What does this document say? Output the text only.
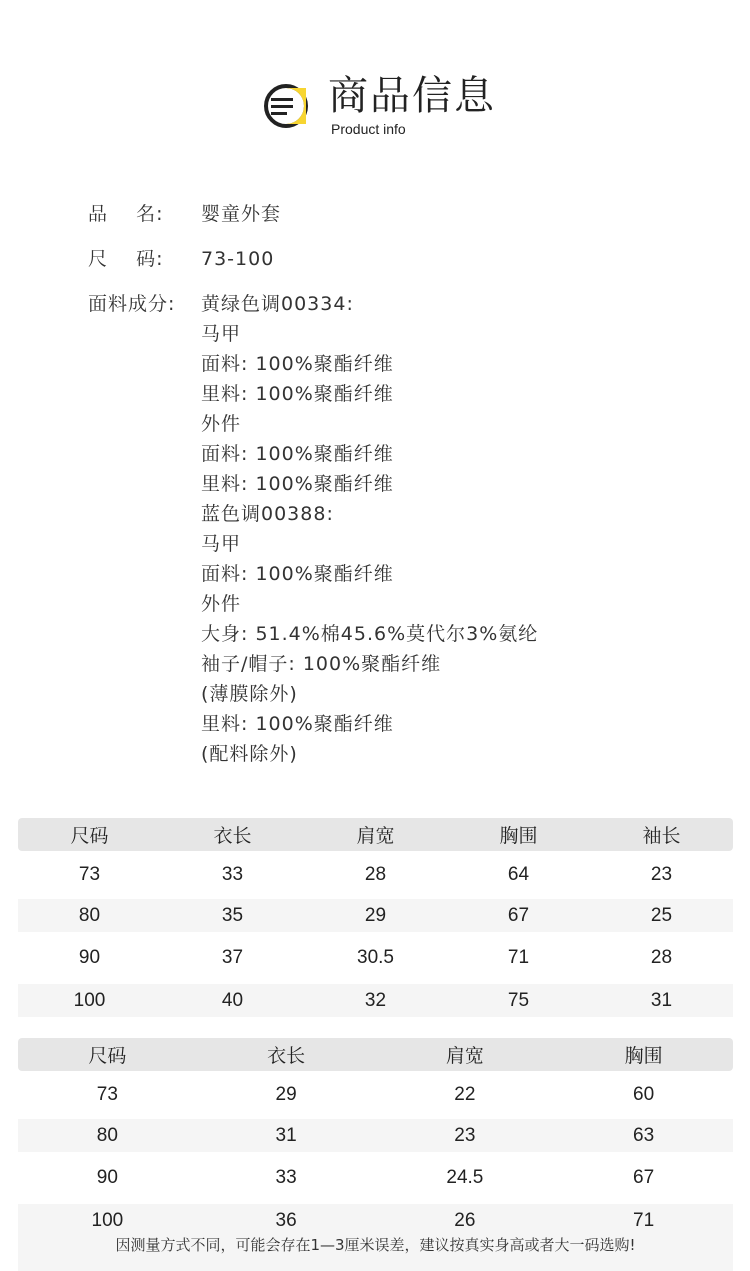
商品信息
Product info
品    名:	婴童外套
尺    码:	73-100
面料成分:	黄绿色调00334:
马甲
面料: 100%聚酯纤维
里料: 100%聚酯纤维
外件
面料: 100%聚酯纤维
里料: 100%聚酯纤维
蓝色调00388:
马甲
面料: 100%聚酯纤维
外件
大身: 51.4%棉45.6%莫代尔3%氨纶
袖子/帽子: 100%聚酯纤维
(薄膜除外)
里料: 100%聚酯纤维
(配料除外)
尺码	衣长	肩宽	胸围	袖长
73	33	28	64	23
80	35	29	67	25
90	37	30.5	71	28
100	40	32	75	31
尺码	衣长	肩宽	胸围
73	29	22	60
80	31	23	63
90	33	24.5	67
100	36	26	71
因测量方式不同，可能会存在1—3厘米误差，建议按真实身高或者大一码选购!
